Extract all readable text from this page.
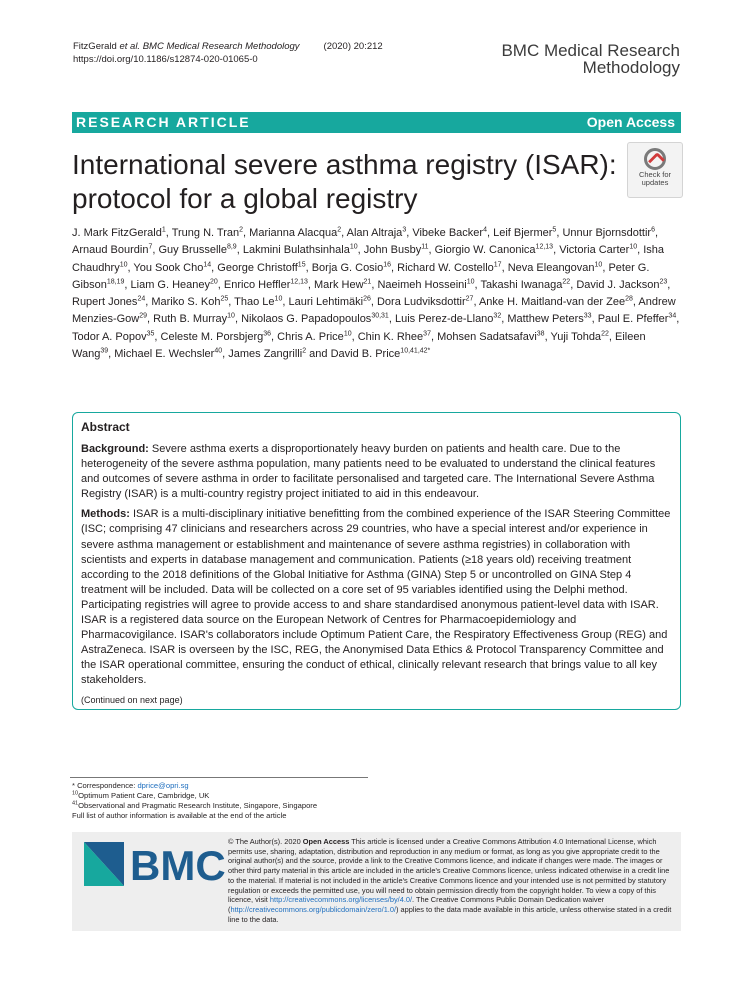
FitzGerald et al. BMC Medical Research Methodology	(2020) 20:212
https://doi.org/10.1186/s12874-020-01065-0	BMC Medical Research
Methodology
RESEARCH ARTICLE	Open Access
International severe asthma registry (ISAR):
protocol for a global registry
Check for
updates
J. Mark FitzGerald$^1$, Trung N. Tran$^2$, Marianna Alacqua$^2$, Alan Altraja$^3$, Vibeke Backer$^4$, Leif Bjermer$^5$, Unnur Bjornsdottir$^6$, Arnaud Bourdin$^7$, Guy Brusselle$^{8,9}$, Lakmini Bulathsinhala$^{10}$, John Busby$^{11}$, Giorgio W. Canonica$^{12,13}$, Victoria Carter$^{10}$, Isha Chaudhry$^{10}$, You Sook Cho$^{14}$, George Christoff$^{15}$, Borja G. Cosio$^{16}$, Richard W. Costello$^{17}$, Neva Eleangovan$^{10}$, Peter G. Gibson$^{18,19}$, Liam G. Heaney$^{20}$, Enrico Heffler$^{12,13}$, Mark Hew$^{21}$, Naeimeh Hosseini$^{10}$, Takashi Iwanaga$^{22}$, David J. Jackson$^{23}$, Rupert Jones$^{24}$, Mariko S. Koh$^{25}$, Thao Le$^{10}$, Lauri Lehtimäki$^{26}$, Dora Ludviksdottir$^{27}$, Anke H. Maitland-van der Zee$^{28}$, Andrew Menzies-Gow$^{29}$, Ruth B. Murray$^{10}$, Nikolaos G. Papadopoulos$^{30,31}$, Luis Perez-de-Llano$^{32}$, Matthew Peters$^{33}$, Paul E. Pfeffer$^{34}$, Todor A. Popov$^{35}$, Celeste M. Porsbjerg$^{36}$, Chris A. Price$^{10}$, Chin K. Rhee$^{37}$, Mohsen Sadatsafavi$^{38}$, Yuji Tohda$^{22}$, Eileen Wang$^{39}$, Michael E. Wechsler$^{40}$, James Zangrilli$^2$ and David B. Price$^{10,41,42*}$
Abstract

Background: Severe asthma exerts a disproportionately heavy burden on patients and health care. Due to the heterogeneity of the severe asthma population, many patients need to be evaluated to understand the clinical features and outcomes of severe asthma in order to facilitate personalised and targeted care. The International Severe Asthma Registry (ISAR) is a multi-country registry project initiated to aid in this endeavour.

Methods: ISAR is a multi-disciplinary initiative benefitting from the combined experience of the ISAR Steering Committee (ISC; comprising 47 clinicians and researchers across 29 countries, who have a special interest and/or experience in severe asthma management or establishment and maintenance of severe asthma registries) in collaboration with scientists and experts in database management and communication. Patients (≥18 years old) receiving treatment according to the 2018 definitions of the Global Initiative for Asthma (GINA) Step 5 or uncontrolled on GINA Step 4 treatment will be included. Data will be collected on a core set of 95 variables identified using the Delphi method. Participating registries will agree to provide access to and share standardised anonymous patient-level data with ISAR. ISAR is a registered data source on the European Network of Centres for Pharmacoepidemiology and Pharmacovigilance. ISAR's collaborators include Optimum Patient Care, the Respiratory Effectiveness Group (REG) and AstraZeneca. ISAR is overseen by the ISC, REG, the Anonymised Data Ethics & Protocol Transparency Committee and the ISAR operational committee, ensuring the conduct of ethical, clinically relevant research that brings value to all key stakeholders.

(Continued on next page)
* Correspondence: dprice@opri.sg
$^{10}$Optimum Patient Care, Cambridge, UK
$^{41}$Observational and Pragmatic Research Institute, Singapore, Singapore
Full list of author information is available at the end of the article
BMC
© The Author(s). 2020 Open Access This article is licensed under a Creative Commons Attribution 4.0 International License, which permits use, sharing, adaptation, distribution and reproduction in any medium or format, as long as you give appropriate credit to the original author(s) and the source, provide a link to the Creative Commons licence, and indicate if changes were made. The images or other third party material in this article are included in the article's Creative Commons licence, unless indicated otherwise in a credit line to the material. If material is not included in the article's Creative Commons licence and your intended use is not permitted by statutory regulation or exceeds the permitted use, you will need to obtain permission directly from the copyright holder. To view a copy of this licence, visit http://creativecommons.org/licenses/by/4.0/. The Creative Commons Public Domain Dedication waiver (http://creativecommons.org/publicdomain/zero/1.0/) applies to the data made available in this article, unless otherwise stated in a credit line to the data.
